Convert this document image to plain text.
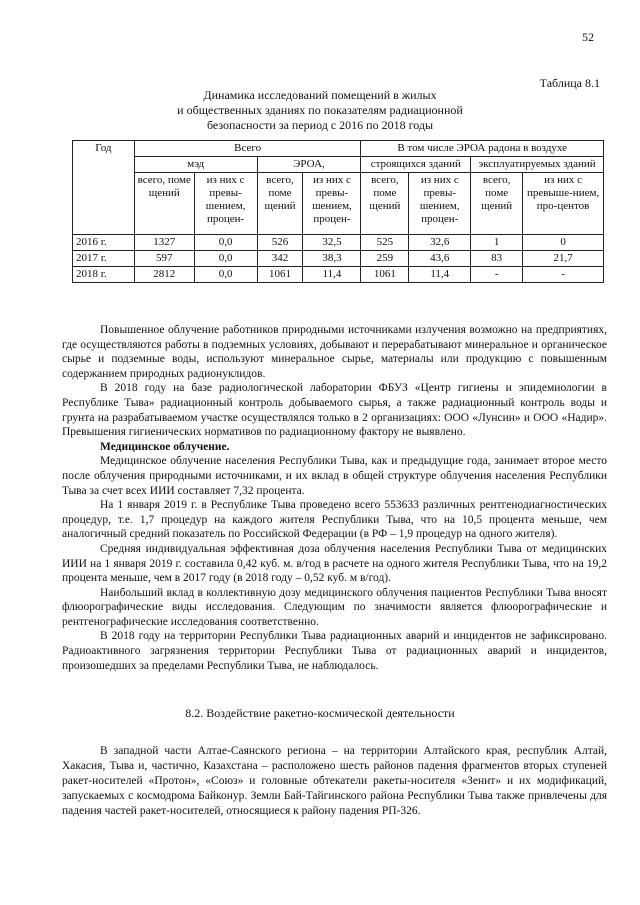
52
Таблица 8.1
Динамика исследований помещений в жилых
и общественных зданиях по показателям радиационной
безопасности за период с 2016 по 2018 годы
Год	Всего				В том числе ЭРОА радона в воздухе			
	мэд		ЭРОА,		строящихся зданий		эксплуатируемых зданий	
	всего, поме щений	из них с превы-шением, процен-	всего, поме щений	из них с превы-шением, процен-	всего, поме щений	из них с превы-шением, процен-	всего, поме щений	из них с превыше-нием, про-центов
2016 г.	1327	0,0	526	32,5	525	32,6	1	0
2017 г.	597	0,0	342	38,3	259	43,6	83	21,7
2018 г.	2812	0,0	1061	11,4	1061	11,4	-	-

Повышенное облучение работников природными источниками излучения возможно на предприятиях, где осуществляются работы в подземных условиях, добывают и перерабатывают минеральное и органическое сырье и подземные воды, используют минеральное сырье, материалы или продукцию с повышенным содержанием природных радионуклидов.

В 2018 году на базе радиологической лаборатории ФБУЗ «Центр гигиены и эпидемиологии в Республике Тыва» радиационный контроль добываемого сырья, а также радиационный контроль воды и грунта на разрабатываемом участке осуществлялся только в 2 организациях: ООО «Лунсин» и ООО «Надир». Превышения гигиенических нормативов по радиационному фактору не выявлено.

Медицинское облучение.

Медицинское облучение населения Республики Тыва, как и предыдущие года, занимает второе место после облучения природными источниками, и их вклад в общей структуре облучения населения Республики Тыва за счет всех ИИИ составляет 7,32 процента.

На 1 января 2019 г. в Республике Тыва проведено всего 553633 различных рентгенодиагностических процедур, т.е. 1,7 процедур на каждого жителя Республики Тыва, что на 10,5 процента меньше, чем аналогичный средний показатель по Российской Федерации (в РФ – 1,9 процедур на одного жителя).

Средняя индивидуальная эффективная доза облучения населения Республики Тыва от медицинских ИИИ на 1 января 2019 г. составила 0,42 куб. м. в/год в расчете на одного жителя Республики Тыва, что на 19,2 процента меньше, чем в 2017 году (в 2018 году – 0,52 куб. м в/год).

Наибольший вклад в коллективную дозу медицинского облучения пациентов Республики Тыва вносят флюорографические виды исследования. Следующим по значимости является флюорографические и рентгенографические исследования соответственно.

В 2018 году на территории Республики Тыва радиационных аварий и инцидентов не зафиксировано. Радиоактивного загрязнения территории Республики Тыва от радиационных аварий и инцидентов, произошедших за пределами Республики Тыва, не наблюдалось.

8.2. Воздействие ракетно-космической деятельности

В западной части Алтае-Саянского региона – на территории Алтайского края, республик Алтай, Хакасия, Тыва и, частично, Казахстана – расположено шесть районов падения фрагментов вторых ступеней ракет-носителей «Протон», «Союз» и головные обтекатели ракеты-носителя «Зенит» и их модификаций, запускаемых с космодрома Байконур. Земли Бай-Тайгинского района Республики Тыва также привлечены для падения частей ракет-носителей, относящиеся к району падения РП-326.
